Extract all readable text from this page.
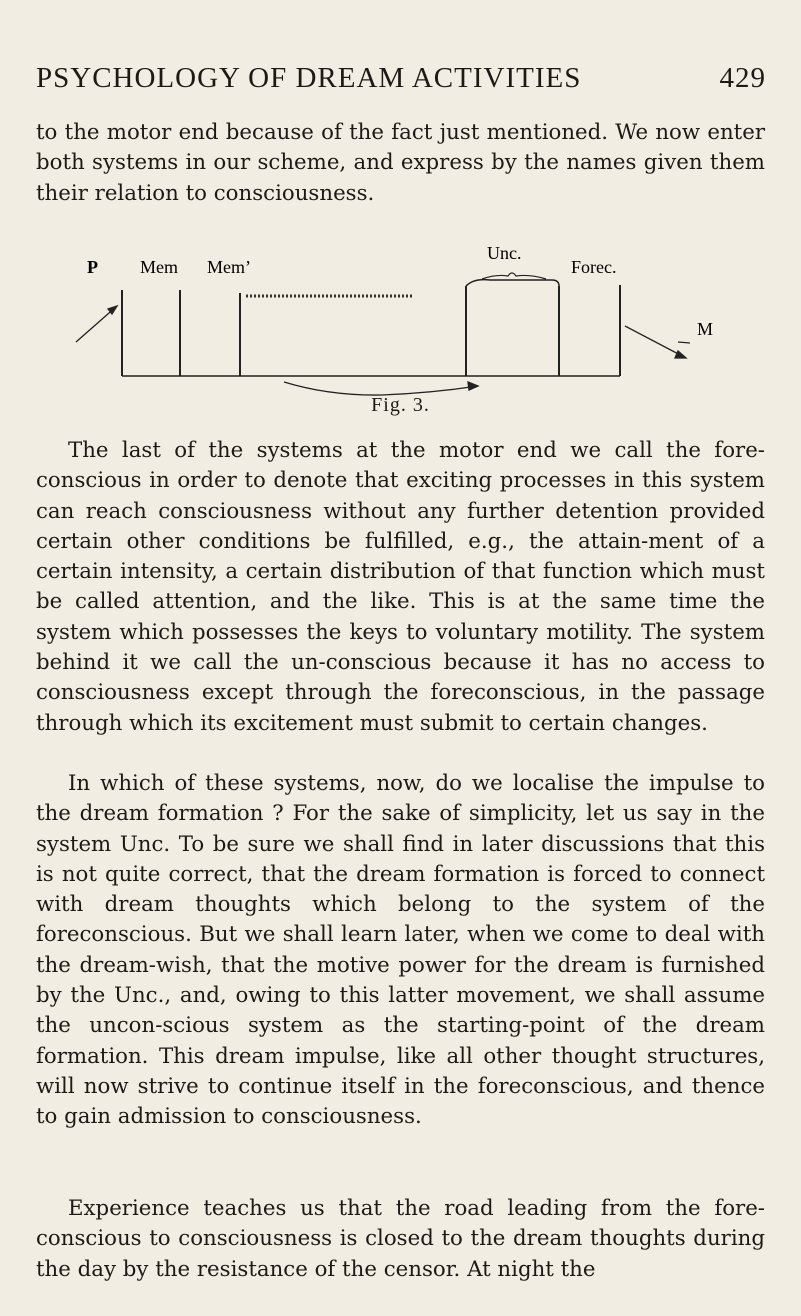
PSYCHOLOGY OF DREAM ACTIVITIES	429

to the motor end because of the fact just mentioned. We now enter both systems in our scheme, and express by the names given them their relation to consciousness.

P Mem Memʼ
Unc.
Forec.
M
Fig. 3.

The last of the systems at the motor end we call the fore-conscious in order to denote that exciting processes in this system can reach consciousness without any further detention provided certain other conditions be fulfilled, e.g., the attain-ment of a certain intensity, a certain distribution of that function which must be called attention, and the like. This is at the same time the system which possesses the keys to voluntary motility. The system behind it we call the un-conscious because it has no access to consciousness except through the foreconscious, in the passage through which its excitement must submit to certain changes.

In which of these systems, now, do we localise the impulse to the dream formation ? For the sake of simplicity, let us say in the system Unc. To be sure we shall find in later discussions that this is not quite correct, that the dream formation is forced to connect with dream thoughts which belong to the system of the foreconscious. But we shall learn later, when we come to deal with the dream-wish, that the motive power for the dream is furnished by the Unc., and, owing to this latter movement, we shall assume the uncon-scious system as the starting-point of the dream formation. This dream impulse, like all other thought structures, will now strive to continue itself in the foreconscious, and thence to gain admission to consciousness.

Experience teaches us that the road leading from the fore-conscious to consciousness is closed to the dream thoughts during the day by the resistance of the censor. At night the
